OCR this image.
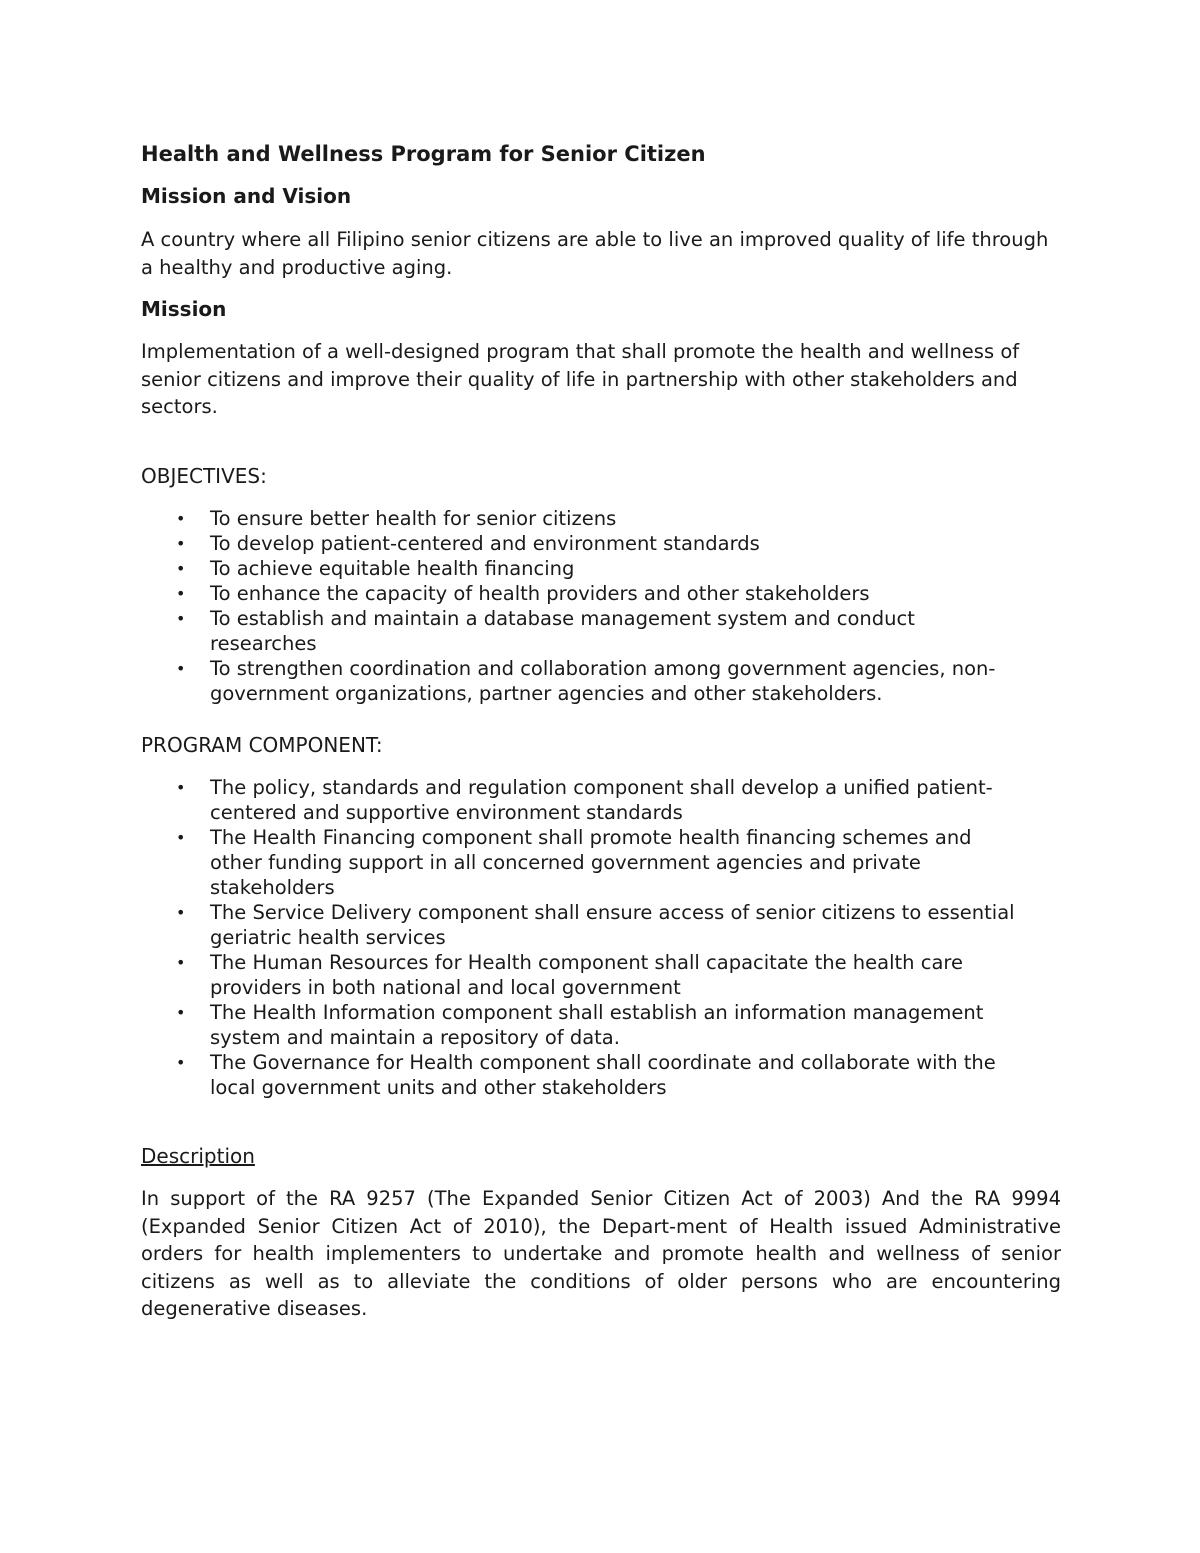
Health and Wellness Program for Senior Citizen
Mission and Vision

A country where all Filipino senior citizens are able to live an improved quality of life through a healthy and productive aging.

Mission

Implementation of a well-designed program that shall promote the health and wellness of senior citizens and improve their quality of life in partnership with other stakeholders and sectors.

OBJECTIVES:
• To ensure better health for senior citizens
• To develop patient-centered and environment standards
• To achieve equitable health financing
• To enhance the capacity of health providers and other stakeholders
• To establish and maintain a database management system and conduct researches
• To strengthen coordination and collaboration among government agencies, non-government organizations, partner agencies and other stakeholders.
PROGRAM COMPONENT:
• The policy, standards and regulation component shall develop a unified patient-centered and supportive environment standards
• The Health Financing component shall promote health financing schemes and other funding support in all concerned government agencies and private stakeholders
• The Service Delivery component shall ensure access of senior citizens to essential geriatric health services
• The Human Resources for Health component shall capacitate the health care providers in both national and local government
• The Health Information component shall establish an information management system and maintain a repository of data.
• The Governance for Health component shall coordinate and collaborate with the local government units and other stakeholders
Description

In support of the RA 9257 (The Expanded Senior Citizen Act of 2003) And the RA 9994 (Expanded Senior Citizen Act of 2010), the Depart-ment of Health issued Administrative orders for health implementers to undertake and promote health and wellness of senior citizens as well as to alleviate the conditions of older persons who are encountering degenerative diseases.
